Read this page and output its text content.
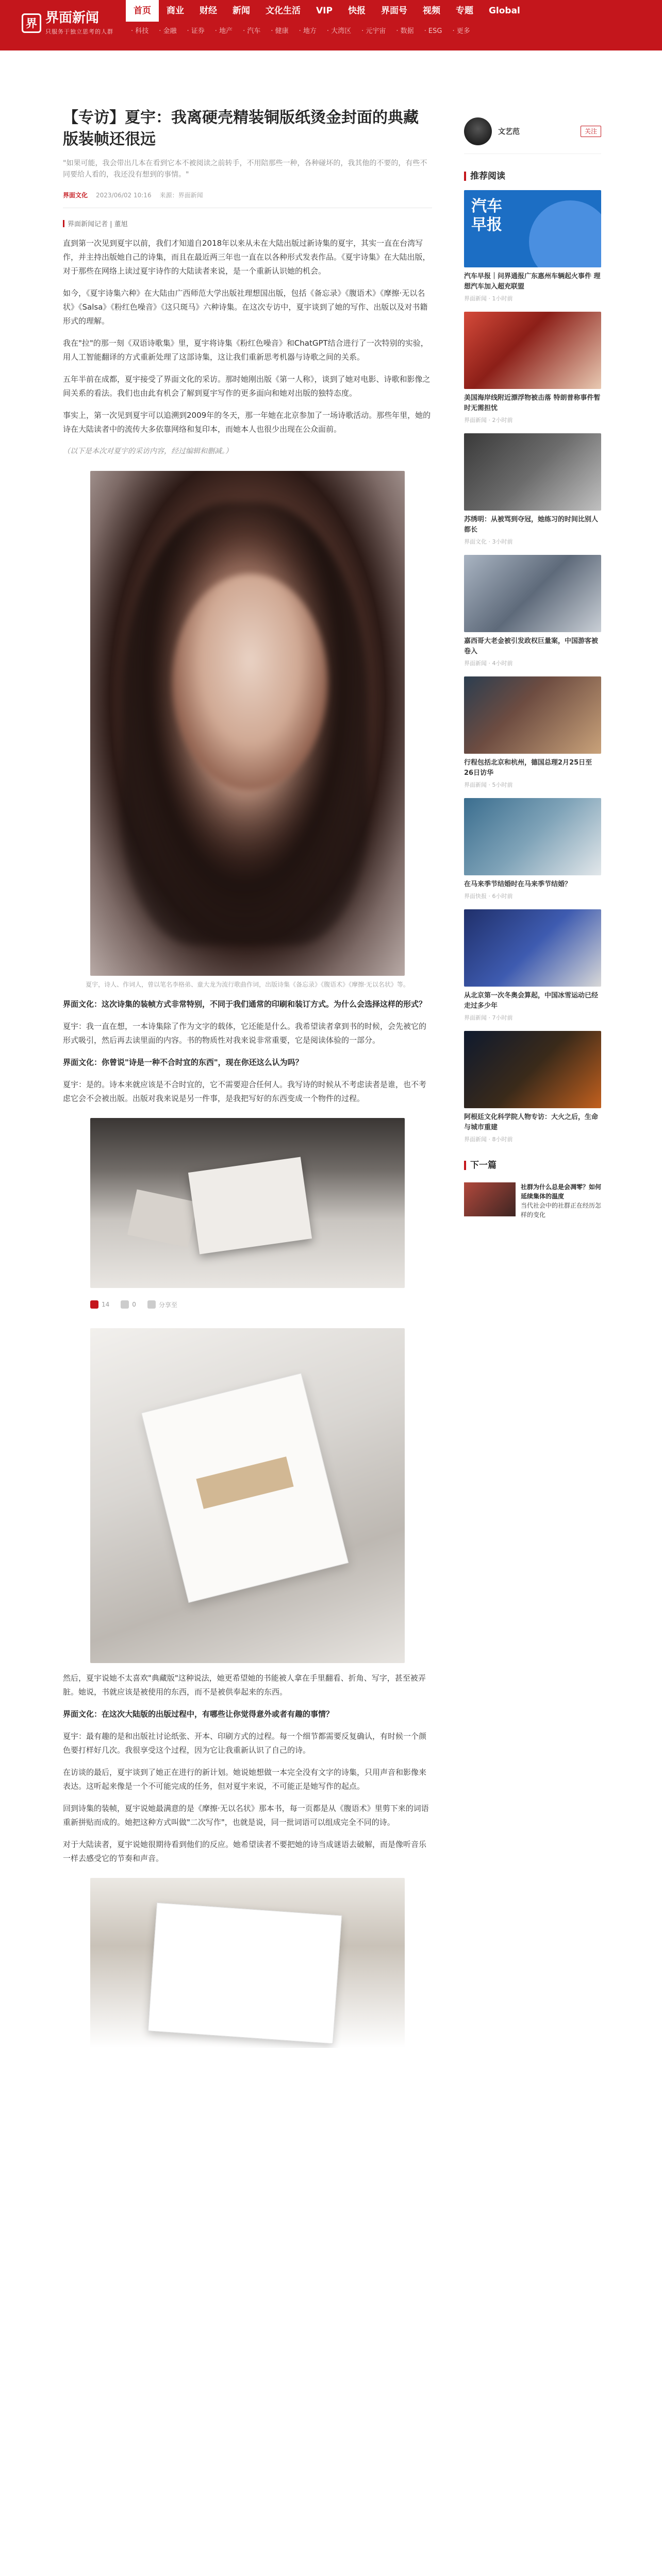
界 界面新闻
只服务于独立思考的人群
首页	商业	财经	新闻	文化生活	VIP	快报	界面号	视频	专题	Global
· 科技	· 金融	· 证券	· 地产	· 汽车	· 健康	· 地方	· 大湾区	· 元宇宙	· 数据	· ESG	· 更多
【专访】夏宇：我离硬壳精装铜版纸烫金封面的典藏版装帧还很远

"如果可能，我会带出几本在看到它本不被阅读之前转手，不用陪那些一种，各种碰坏的，我其他的不要的，有些不同要给人看的，我还没有想到的事情。"

界面文化 2023/06/02 10:16 来源：界面新闻
界面新闻记者 | 董旭

直到第一次见到夏宇以前，我们才知道自2018年以来从未在大陆出版过新诗集的夏宇，其实一直在台湾写作，并主持出版她自己的诗集，而且在最近两三年也一直在以各种形式发表作品。《夏宇诗集》在大陆出版，对于那些在网络上读过夏宇诗作的大陆读者来说，是一个重新认识她的机会。

如今，《夏宇诗集六种》在大陆由广西师范大学出版社理想国出版，包括《备忘录》《腹语术》《摩擦·无以名状》《Salsa》《粉红色噪音》《这只斑马》六种诗集。在这次专访中，夏宇谈到了她的写作、出版以及对书籍形式的理解。

我在"拉"的那一刻《双语诗歌集》里，夏宇将诗集《粉红色噪音》和ChatGPT结合进行了一次特别的实验，用人工智能翻译的方式重新处理了这部诗集，这让我们重新思考机器与诗歌之间的关系。

五年半前在成都，夏宇接受了界面文化的采访。那时她刚出版《第一人称》，谈到了她对电影、诗歌和影像之间关系的看法。我们也由此有机会了解到夏宇写作的更多面向和她对出版的独特态度。

事实上，第一次见到夏宇可以追溯到2009年的冬天，那一年她在北京参加了一场诗歌活动。那些年里，她的诗在大陆读者中的流传大多依靠网络和复印本，而她本人也很少出现在公众面前。

（以下是本次对夏宇的采访内容，经过编辑和删减。）

夏宇，诗人、作词人，曾以笔名李格弟、童大龙为流行歌曲作词，出版诗集《备忘录》《腹语术》《摩擦·无以名状》等。

界面文化：这次诗集的装帧方式非常特别，不同于我们通常的印刷和装订方式。为什么会选择这样的形式？

夏宇：我一直在想，一本诗集除了作为文字的载体，它还能是什么。我希望读者拿到书的时候，会先被它的形式吸引，然后再去读里面的内容。书的物质性对我来说非常重要，它是阅读体验的一部分。

界面文化：你曾说"诗是一种不合时宜的东西"，现在你还这么认为吗？

夏宇：是的。诗本来就应该是不合时宜的，它不需要迎合任何人。我写诗的时候从不考虑读者是谁，也不考虑它会不会被出版。出版对我来说是另一件事，是我把写好的东西变成一个物件的过程。

14	0	分享至

然后，夏宇说她不太喜欢"典藏版"这种说法，她更希望她的书能被人拿在手里翻看、折角、写字，甚至被弄脏。她说，书就应该是被使用的东西，而不是被供奉起来的东西。

界面文化：在这次大陆版的出版过程中，有哪些让你觉得意外或者有趣的事情？

夏宇：最有趣的是和出版社讨论纸张、开本、印刷方式的过程。每一个细节都需要反复确认，有时候一个颜色要打样好几次。我很享受这个过程，因为它让我重新认识了自己的诗。

在访谈的最后，夏宇谈到了她正在进行的新计划。她说她想做一本完全没有文字的诗集，只用声音和影像来表达。这听起来像是一个不可能完成的任务，但对夏宇来说，不可能正是她写作的起点。

回到诗集的装帧，夏宇说她最满意的是《摩擦·无以名状》那本书，每一页都是从《腹语术》里剪下来的词语重新拼贴而成的。她把这种方式叫做"二次写作"，也就是说，同一批词语可以组成完全不同的诗。

对于大陆读者，夏宇说她很期待看到他们的反应。她希望读者不要把她的诗当成谜语去破解，而是像听音乐一样去感受它的节奏和声音。

文艺范	关注
推荐阅读
汽车
早报
汽车早报｜问界通报广东惠州车辆起火事件 理想汽车加入超充联盟
界面新闻 · 1小时前
美国海岸线附近漂浮物被击落 特朗普称事件暂时无需担忧
界面新闻 · 2小时前
苏绣明：从被骂到夺冠，她练习的时间比别人都长
界面文化 · 3小时前
嘉西哥大老金被引发政权巨量案，中国游客被卷入
界面新闻 · 4小时前
行程包括北京和杭州，德国总理2月25日至26日访华
界面新闻 · 5小时前
在马来季节结婚时在马来季节结婚？
界面快报 · 6小时前
从北京第一次冬奥会算起，中国冰雪运动已经走过多少年
界面新闻 · 7小时前
阿根廷文化科学院人物专访：大火之后，生命与城市重建
界面新闻 · 8小时前
下一篇
社群为什么总是会凋零？如何延续集体的温度
当代社会中的社群正在经历怎样的变化
